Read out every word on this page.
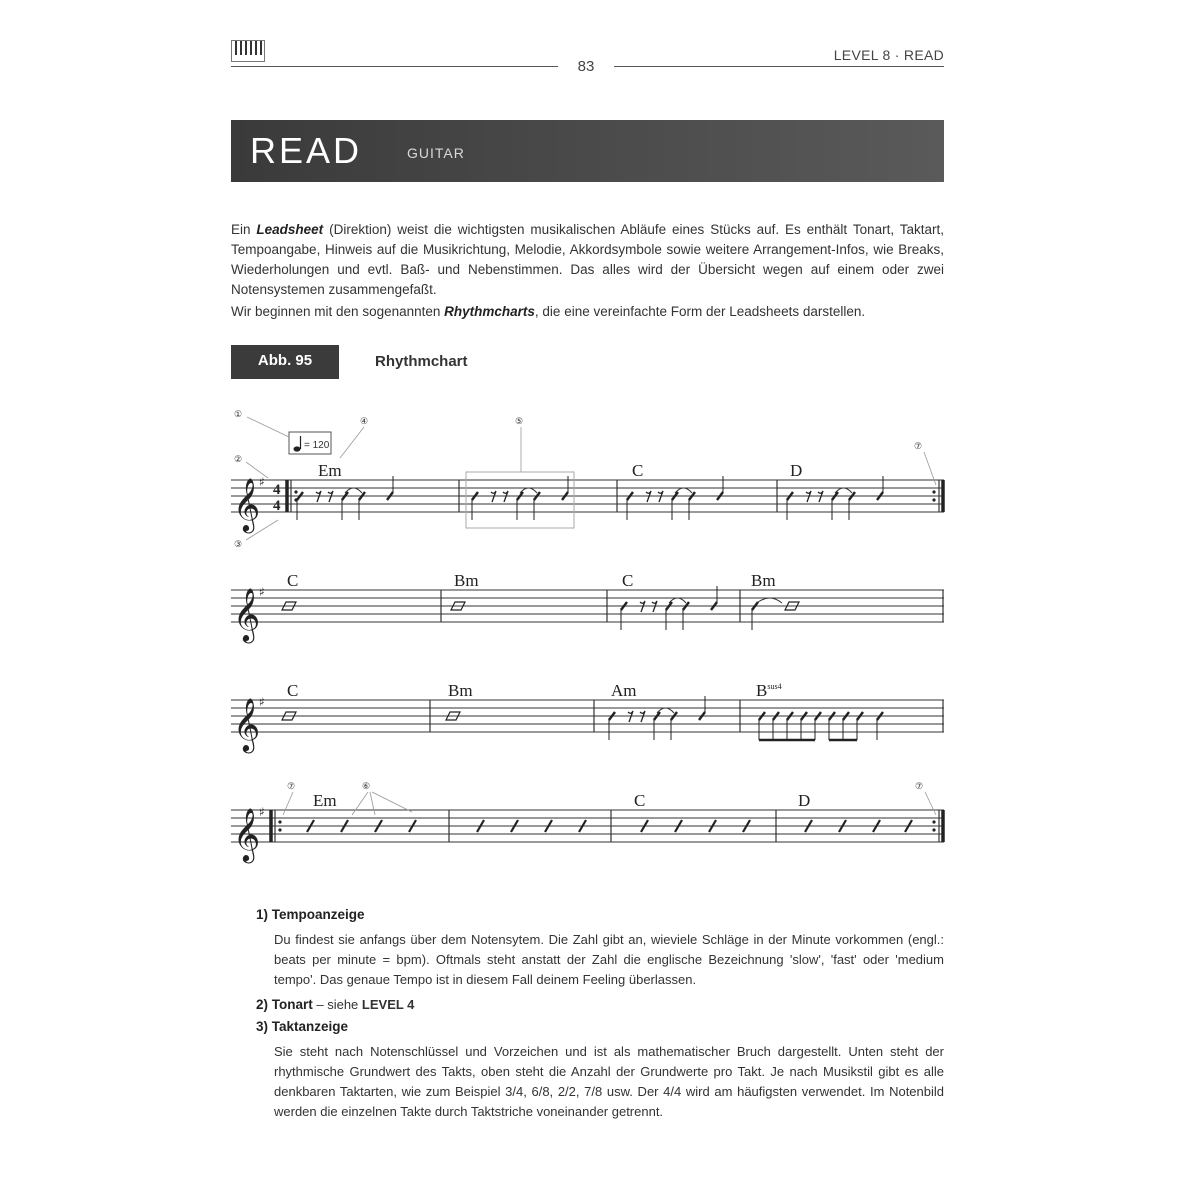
83
LEVEL 8 · READ
READ	GUITAR

Ein Leadsheet (Direktion) weist die wichtigsten musikalischen Abläufe eines Stücks auf. Es enthält Tonart, Taktart, Tempoangabe, Hinweis auf die Musikrichtung, Melodie, Akkordsymbole sowie weitere Arrangement-Infos, wie Breaks, Wiederholungen und evtl. Baß- und Nebenstimmen. Das alles wird der Übersicht wegen auf einem oder zwei Notensystemen zusammengefaßt.

Wir beginnen mit den sogenannten Rhythmcharts, die eine vereinfachte Form der Leadsheets darstellen.

Abb. 95	Rhythmchart
𝄞
♯ 4
4
𝄞
♯
𝄞
♯
𝄞
♯
= 120
①
②
③
④	⑤
⑦
⑦	⑥	⑦
Em	C	D
C	Bm	C	Bm
C	Bm	Am	$B^{sus4}$
Em	C	D
1) Tempoanzeige
Du findest sie anfangs über dem Notensytem. Die Zahl gibt an, wieviele Schläge in der Minute vorkommen (engl.: beats per minute = bpm). Oftmals steht anstatt der Zahl die englische Bezeichnung 'slow', 'fast' oder 'medium tempo'. Das genaue Tempo ist in diesem Fall deinem Feeling überlassen.
2) Tonart – siehe LEVEL 4
3) Taktanzeige
Sie steht nach Notenschlüssel und Vorzeichen und ist als mathematischer Bruch dargestellt. Unten steht der rhythmische Grundwert des Takts, oben steht die Anzahl der Grundwerte pro Takt. Je nach Musikstil gibt es alle denkbaren Taktarten, wie zum Beispiel 3/4, 6/8, 2/2, 7/8 usw. Der 4/4 wird am häufigsten verwendet. Im Notenbild werden die einzelnen Takte durch Taktstriche voneinander getrennt.
